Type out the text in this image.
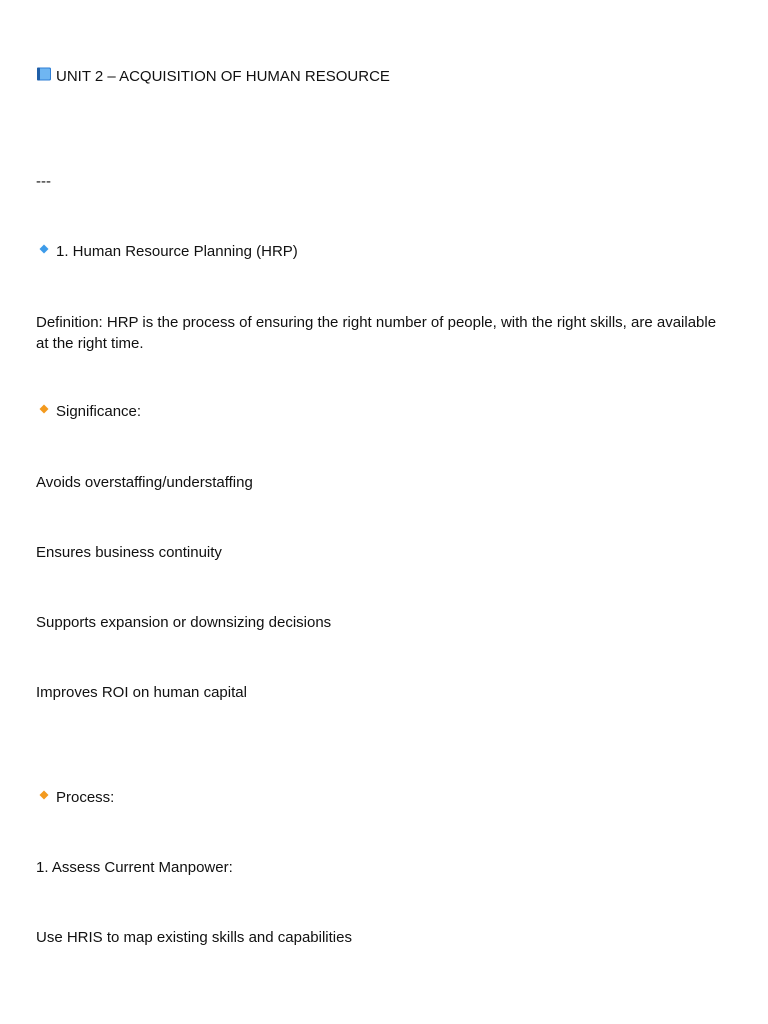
UNIT 2 – ACQUISITION OF HUMAN RESOURCE

---

1. Human Resource Planning (HRP)

Definition: HRP is the process of ensuring the right number of people, with the right skills, are available at the right time.

Significance:

Avoids overstaffing/understaffing

Ensures business continuity

Supports expansion or downsizing decisions

Improves ROI on human capital

Process:

1. Assess Current Manpower:

Use HRIS to map existing skills and capabilities
